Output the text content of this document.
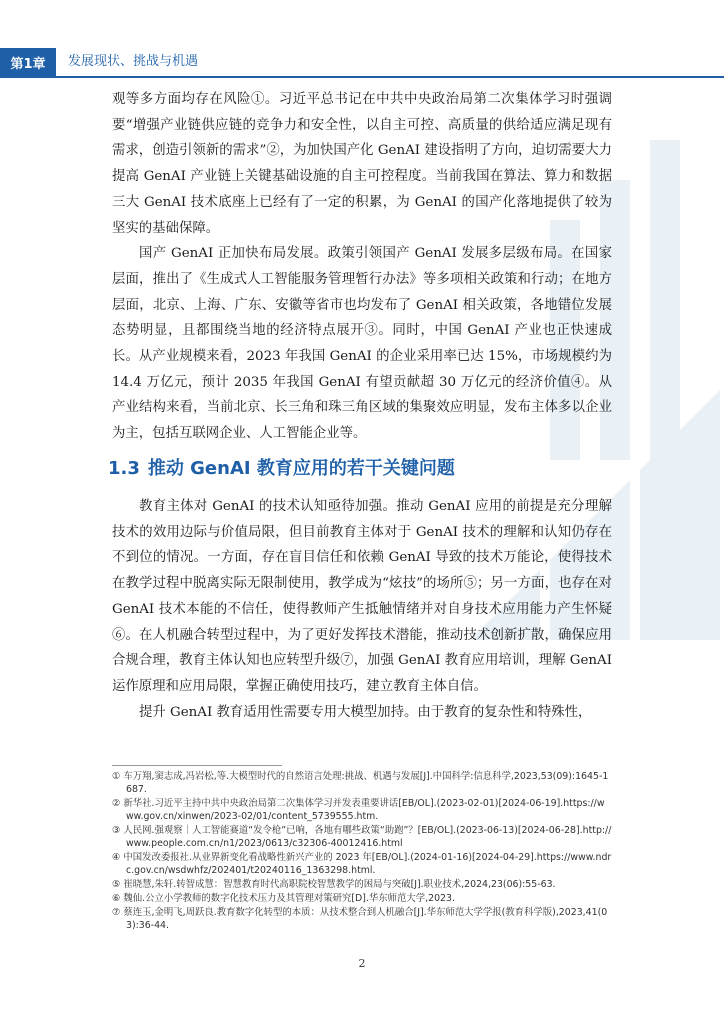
第1章	发展现状、挑战与机遇

观等多方面均存在风险①。习近平总书记在中共中央政治局第二次集体学习时强调要“增强产业链供应链的竞争力和安全性，以自主可控、高质量的供给适应满足现有需求，创造引领新的需求”②，为加快国产化 GenAI 建设指明了方向，迫切需要大力提高 GenAI 产业链上关键基础设施的自主可控程度。当前我国在算法、算力和数据三大 GenAI 技术底座上已经有了一定的积累，为 GenAI 的国产化落地提供了较为坚实的基础保障。

国产 GenAI 正加快布局发展。政策引领国产 GenAI 发展多层级布局。在国家层面，推出了《生成式人工智能服务管理暂行办法》等多项相关政策和行动；在地方层面，北京、上海、广东、安徽等省市也均发布了 GenAI 相关政策，各地错位发展态势明显，且都围绕当地的经济特点展开③。同时，中国 GenAI 产业也正快速成长。从产业规模来看，2023 年我国 GenAI 的企业采用率已达 15%，市场规模约为 14.4 万亿元，预计 2035 年我国 GenAI 有望贡献超 30 万亿元的经济价值④。从产业结构来看，当前北京、长三角和珠三角区域的集聚效应明显，发布主体多以企业为主，包括互联网企业、人工智能企业等。

1.3 推动 GenAI 教育应用的若干关键问题

教育主体对 GenAI 的技术认知亟待加强。推动 GenAI 应用的前提是充分理解技术的效用边际与价值局限，但目前教育主体对于 GenAI 技术的理解和认知仍存在不到位的情况。一方面，存在盲目信任和依赖 GenAI 导致的技术万能论，使得技术在教学过程中脱离实际无限制使用，教学成为“炫技”的场所⑤；另一方面，也存在对 GenAI 技术本能的不信任，使得教师产生抵触情绪并对自身技术应用能力产生怀疑⑥。在人机融合转型过程中，为了更好发挥技术潜能，推动技术创新扩散，确保应用合规合理，教育主体认知也应转型升级⑦，加强 GenAI 教育应用培训，理解 GenAI 运作原理和应用局限，掌握正确使用技巧，建立教育主体自信。

提升 GenAI 教育适用性需要专用大模型加持。由于教育的复杂性和特殊性，

① 车万翔,窦志成,冯岩松,等.大模型时代的自然语言处理:挑战、机遇与发展[J].中国科学:信息科学,2023,53(09):1645-1687.

② 新华社.习近平主持中共中央政治局第二次集体学习并发表重要讲话[EB/OL].(2023-02-01)[2024-06-19].https://www.gov.cn/xinwen/2023-02/01/content_5739555.htm.

③ 人民网.强观察｜人工智能赛道“发令枪”已响，各地有哪些政策“助跑”？[EB/OL].(2023-06-13)[2024-06-28].http://www.people.com.cn/n1/2023/0613/c32306-40012416.html

④ 中国发改委报社.从业界新变化看战略性新兴产业的 2023 年[EB/OL].(2024-01-16)[2024-04-29].https://www.ndrc.gov.cn/wsdwhfz/202401/t20240116_1363298.html.

⑤ 崔晓慧,朱轩.转智成慧：智慧教育时代高职院校智慧教学的困局与突破[J].职业技术,2024,23(06):55-63.

⑥ 魏仙.公立小学教师的数字化技术压力及其管理对策研究[D].华东师范大学,2023.

⑦ 蔡连玉,金明飞,周跃良.教育数字化转型的本质：从技术整合到人机融合[J].华东师范大学学报(教育科学版),2023,41(03):36-44.

2
